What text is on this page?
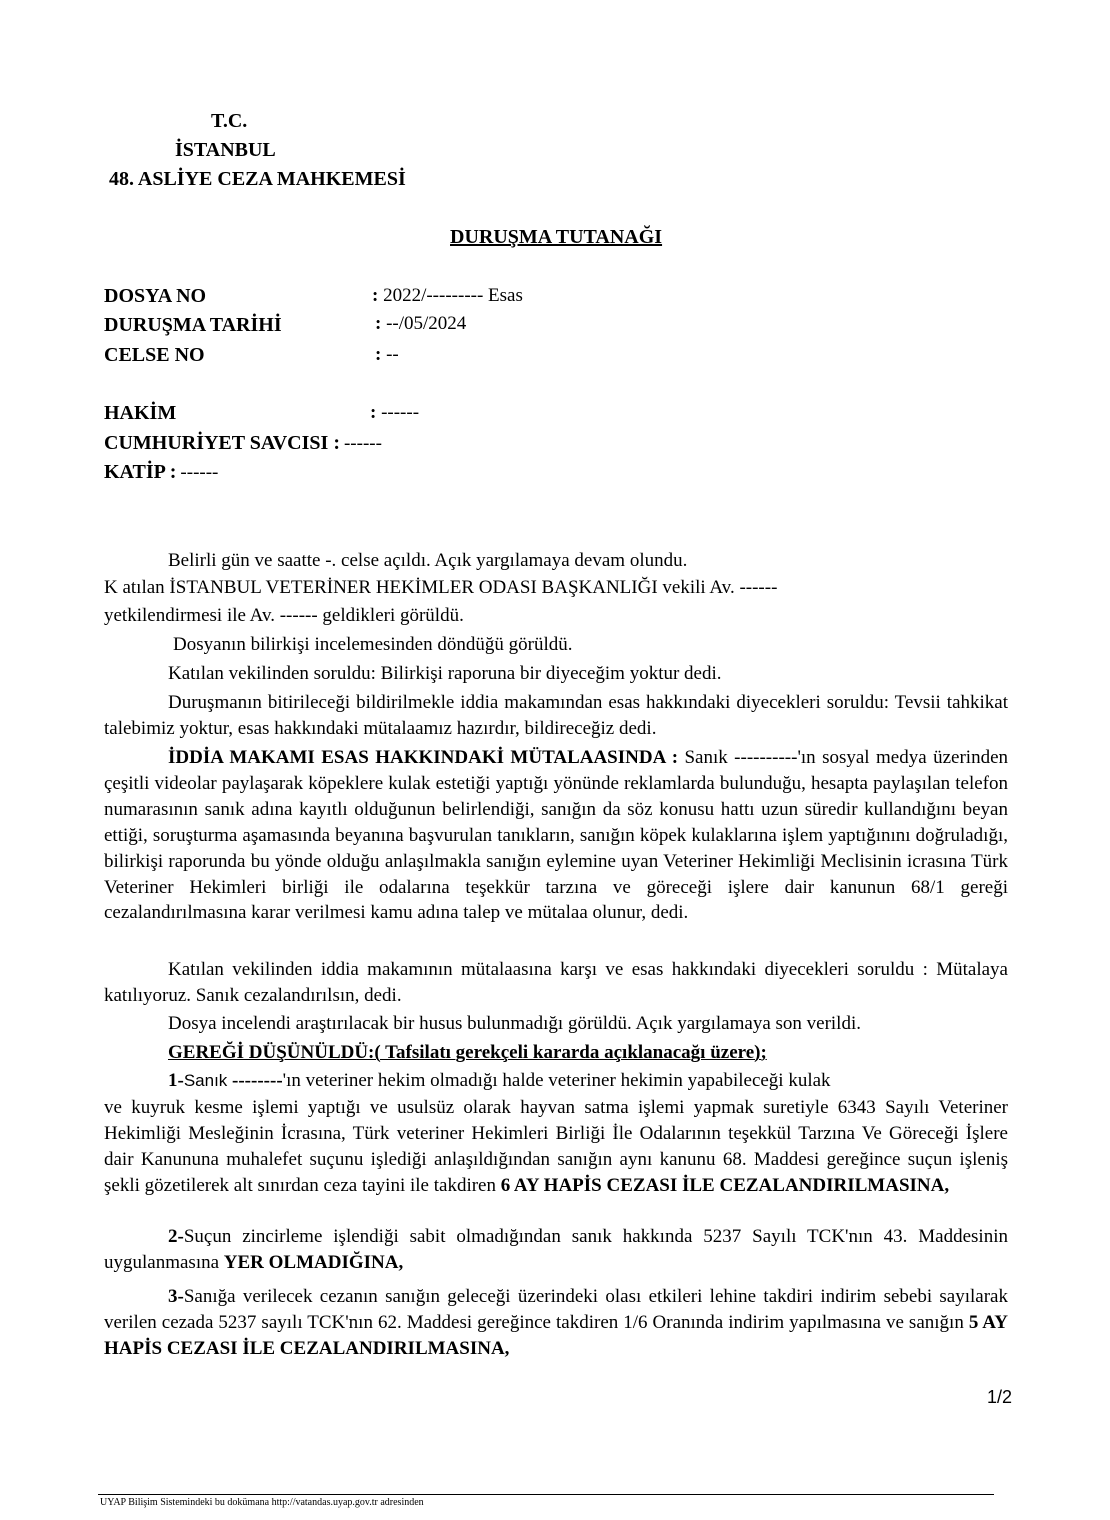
T.C.
İSTANBUL
48. ASLİYE CEZA MAHKEMESİ
DURUŞMA TUTANAĞI
DOSYA NO	: 2022/--------- Esas
DURUŞMA TARİHİ	: --/05/2024
CELSE NO	: --
HAKİM	: ------
CUMHURİYET SAVCISI : ------
KATİP : ------
Belirli gün ve saatte -. celse açıldı. Açık yargılamaya devam olundu.
K atılan İSTANBUL VETERİNER HEKİMLER ODASI BAŞKANLIĞI vekili Av. ------
yetkilendirmesi ile Av. ------ geldikleri görüldü.
Dosyanın bilirkişi incelemesinden döndüğü görüldü.
Katılan vekilinden soruldu: Bilirkişi raporuna bir diyeceğim yoktur dedi.

Duruşmanın bitirileceği bildirilmekle iddia makamından esas hakkındaki diyecekleri soruldu: Tevsii tahkikat talebimiz yoktur, esas hakkındaki mütalaamız hazırdır, bildireceğiz dedi.

İDDİA MAKAMI ESAS HAKKINDAKİ MÜTALAASINDA : Sanık ----------'ın sosyal medya üzerinden çeşitli videolar paylaşarak köpeklere kulak estetiği yaptığı yönünde reklamlarda bulunduğu, hesapta paylaşılan telefon numarasının sanık adına kayıtlı olduğunun belirlendiği, sanığın da söz konusu hattı uzun süredir kullandığını beyan ettiği, soruşturma aşamasında beyanına başvurulan tanıkların, sanığın köpek kulaklarına işlem yaptığınını doğruladığı, bilirkişi raporunda bu yönde olduğu anlaşılmakla sanığın eylemine uyan Veteriner Hekimliği Meclisinin icrasına Türk Veteriner Hekimleri birliği ile odalarına teşekkür tarzına ve göreceği işlere dair kanunun 68/1 gereği cezalandırılmasına karar verilmesi kamu adına talep ve mütalaa olunur, dedi.

Katılan vekilinden iddia makamının mütalaasına karşı ve esas hakkındaki diyecekleri soruldu : Mütalaya katılıyoruz. Sanık cezalandırılsın, dedi.

Dosya incelendi araştırılacak bir husus bulunmadığı görüldü. Açık yargılamaya son verildi.
GEREĞİ DÜŞÜNÜLDÜ:( Tafsilatı gerekçeli kararda açıklanacağı üzere);
1-Sanık --------'ın veteriner hekim olmadığı halde veteriner hekimin yapabileceği kulak

ve kuyruk kesme işlemi yaptığı ve usulsüz olarak hayvan satma işlemi yapmak suretiyle 6343 Sayılı Veteriner Hekimliği Mesleğinin İcrasına, Türk veteriner Hekimleri Birliği İle Odalarının teşekkül Tarzına Ve Göreceği İşlere dair Kanununa muhalefet suçunu işlediği anlaşıldığından sanığın aynı kanunu 68. Maddesi gereğince suçun işleniş şekli gözetilerek alt sınırdan ceza tayini ile takdiren 6 AY HAPİS CEZASI İLE CEZALANDIRILMASINA,

2-Suçun zincirleme işlendiği sabit olmadığından sanık hakkında 5237 Sayılı TCK'nın 43. Maddesinin uygulanmasına YER OLMADIĞINA,

3-Sanığa verilecek cezanın sanığın geleceği üzerindeki olası etkileri lehine takdiri indirim sebebi sayılarak verilen cezada 5237 sayılı TCK'nın 62. Maddesi gereğince takdiren 1/6 Oranında indirim yapılmasına ve sanığın 5 AY HAPİS CEZASI İLE CEZALANDIRILMASINA,

1/2
UYAP Bilişim Sistemindeki bu dokümana http://vatandas.uyap.gov.tr adresinden
